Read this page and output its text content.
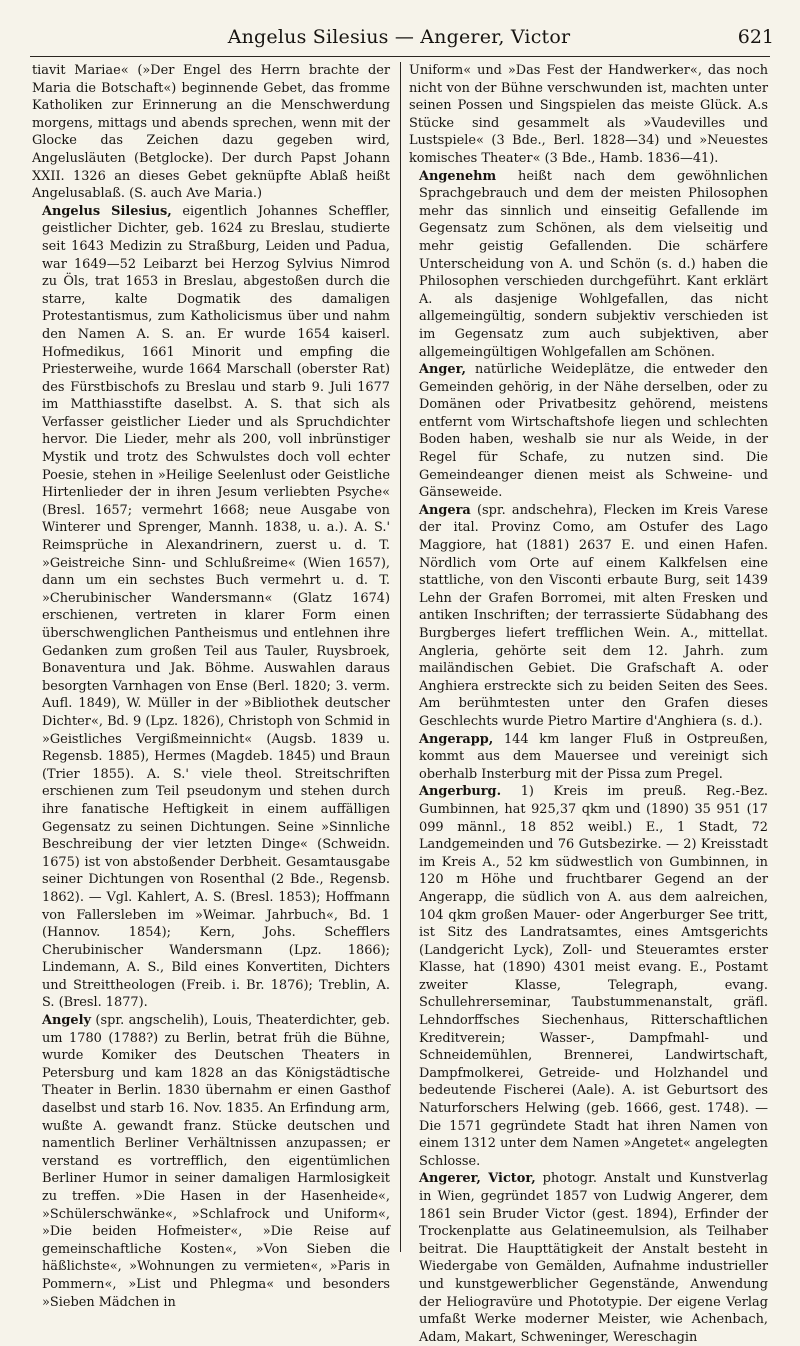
Angelus Silesius — Angerer, Victor	621

tiavit Mariae« (»Der Engel des Herrn brachte der Maria die Botschaft«) beginnende Gebet, das fromme Katholiken zur Erinnerung an die Menschwerdung morgens, mittags und abends sprechen, wenn mit der Glocke das Zeichen dazu gegeben wird, Angelusläuten (Betglocke). Der durch Papst Johann XXII. 1326 an dieses Gebet geknüpfte Ablaß heißt Angelusablaß. (S. auch Ave Maria.)

Angelus Silesius, eigentlich Johannes Scheffler, geistlicher Dichter, geb. 1624 zu Breslau, studierte seit 1643 Medizin zu Straßburg, Leiden und Padua, war 1649—52 Leibarzt bei Herzog Sylvius Nimrod zu Öls, trat 1653 in Breslau, abgestoßen durch die starre, kalte Dogmatik des damaligen Protestantismus, zum Katholicismus über und nahm den Namen A. S. an. Er wurde 1654 kaiserl. Hofmedikus, 1661 Minorit und empfing die Priesterweihe, wurde 1664 Marschall (oberster Rat) des Fürstbischofs zu Breslau und starb 9. Juli 1677 im Matthiasstifte daselbst. A. S. that sich als Verfasser geistlicher Lieder und als Spruchdichter hervor. Die Lieder, mehr als 200, voll inbrünstiger Mystik und trotz des Schwulstes doch voll echter Poesie, stehen in »Heilige Seelenlust oder Geistliche Hirtenlieder der in ihren Jesum verliebten Psyche« (Bresl. 1657; vermehrt 1668; neue Ausgabe von Winterer und Sprenger, Mannh. 1838, u. a.). A. S.' Reimsprüche in Alexandrinern, zuerst u. d. T. »Geistreiche Sinn- und Schlußreime« (Wien 1657), dann um ein sechstes Buch vermehrt u. d. T. »Cherubinischer Wandersmann« (Glatz 1674) erschienen, vertreten in klarer Form einen überschwenglichen Pantheismus und entlehnen ihre Gedanken zum großen Teil aus Tauler, Ruysbroek, Bonaventura und Jak. Böhme. Auswahlen daraus besorgten Varnhagen von Ense (Berl. 1820; 3. verm. Aufl. 1849), W. Müller in der »Bibliothek deutscher Dichter«, Bd. 9 (Lpz. 1826), Christoph von Schmid in »Geistliches Vergißmeinnicht« (Augsb. 1839 u. Regensb. 1885), Hermes (Magdeb. 1845) und Braun (Trier 1855). A. S.' viele theol. Streitschriften erschienen zum Teil pseudonym und stehen durch ihre fanatische Heftigkeit in einem auffälligen Gegensatz zu seinen Dichtungen. Seine »Sinnliche Beschreibung der vier letzten Dinge« (Schweidn. 1675) ist von abstoßender Derbheit. Gesamtausgabe seiner Dichtungen von Rosenthal (2 Bde., Regensb. 1862). — Vgl. Kahlert, A. S. (Bresl. 1853); Hoffmann von Fallersleben im »Weimar. Jahrbuch«, Bd. 1 (Hannov. 1854); Kern, Johs. Schefflers Cherubinischer Wandersmann (Lpz. 1866); Lindemann, A. S., Bild eines Konvertiten, Dichters und Streittheologen (Freib. i. Br. 1876); Treblin, A. S. (Bresl. 1877).

Angely (spr. angschelih), Louis, Theaterdichter, geb. um 1780 (1788?) zu Berlin, betrat früh die Bühne, wurde Komiker des Deutschen Theaters in Petersburg und kam 1828 an das Königstädtische Theater in Berlin. 1830 übernahm er einen Gasthof daselbst und starb 16. Nov. 1835. An Erfindung arm, wußte A. gewandt franz. Stücke deutschen und namentlich Berliner Verhältnissen anzupassen; er verstand es vortrefflich, den eigentümlichen Berliner Humor in seiner damaligen Harmlosigkeit zu treffen. »Die Hasen in der Hasenheide«, »Schülerschwänke«, »Schlafrock und Uniform«, »Die beiden Hofmeister«, »Die Reise auf gemeinschaftliche Kosten«, »Von Sieben die häßlichste«, »Wohnungen zu vermieten«, »Paris in Pommern«, »List und Phlegma« und besonders »Sieben Mädchen in

Uniform« und »Das Fest der Handwerker«, das noch nicht von der Bühne verschwunden ist, machten unter seinen Possen und Singspielen das meiste Glück. A.s Stücke sind gesammelt als »Vaudevilles und Lustspiele« (3 Bde., Berl. 1828—34) und »Neuestes komisches Theater« (3 Bde., Hamb. 1836—41).

Angenehm heißt nach dem gewöhnlichen Sprachgebrauch und dem der meisten Philosophen mehr das sinnlich und einseitig Gefallende im Gegensatz zum Schönen, als dem vielseitig und mehr geistig Gefallenden. Die schärfere Unterscheidung von A. und Schön (s. d.) haben die Philosophen verschieden durchgeführt. Kant erklärt A. als dasjenige Wohlgefallen, das nicht allgemeingültig, sondern subjektiv verschieden ist im Gegensatz zum auch subjektiven, aber allgemeingültigen Wohlgefallen am Schönen.

Anger, natürliche Weideplätze, die entweder den Gemeinden gehörig, in der Nähe derselben, oder zu Domänen oder Privatbesitz gehörend, meistens entfernt vom Wirtschaftshofe liegen und schlechten Boden haben, weshalb sie nur als Weide, in der Regel für Schafe, zu nutzen sind. Die Gemeindeanger dienen meist als Schweine- und Gänseweide.

Angera (spr. andschehra), Flecken im Kreis Varese der ital. Provinz Como, am Ostufer des Lago Maggiore, hat (1881) 2637 E. und einen Hafen. Nördlich vom Orte auf einem Kalkfelsen eine stattliche, von den Visconti erbaute Burg, seit 1439 Lehn der Grafen Borromei, mit alten Fresken und antiken Inschriften; der terrassierte Südabhang des Burgberges liefert trefflichen Wein. A., mittellat. Angleria, gehörte seit dem 12. Jahrh. zum mailändischen Gebiet. Die Grafschaft A. oder Anghiera erstreckte sich zu beiden Seiten des Sees. Am berühmtesten unter den Grafen dieses Geschlechts wurde Pietro Martire d'Anghiera (s. d.).

Angerapp, 144 km langer Fluß in Ostpreußen, kommt aus dem Mauersee und vereinigt sich oberhalb Insterburg mit der Pissa zum Pregel.

Angerburg. 1) Kreis im preuß. Reg.-Bez. Gumbinnen, hat 925,37 qkm und (1890) 35 951 (17 099 männl., 18 852 weibl.) E., 1 Stadt, 72 Landgemeinden und 76 Gutsbezirke. — 2) Kreisstadt im Kreis A., 52 km südwestlich von Gumbinnen, in 120 m Höhe und fruchtbarer Gegend an der Angerapp, die südlich von A. aus dem aalreichen, 104 qkm großen Mauer- oder Angerburger See tritt, ist Sitz des Landratsamtes, eines Amtsgerichts (Landgericht Lyck), Zoll- und Steueramtes erster Klasse, hat (1890) 4301 meist evang. E., Postamt zweiter Klasse, Telegraph, evang. Schullehrerseminar, Taubstummenanstalt, gräfl. Lehndorffsches Siechenhaus, Ritterschaftlichen Kreditverein; Wasser-, Dampfmahl- und Schneidemühlen, Brennerei, Landwirtschaft, Dampfmolkerei, Getreide- und Holzhandel und bedeutende Fischerei (Aale). A. ist Geburtsort des Naturforschers Helwing (geb. 1666, gest. 1748). — Die 1571 gegründete Stadt hat ihren Namen von einem 1312 unter dem Namen »Angetet« angelegten Schlosse.

Angerer, Victor, photogr. Anstalt und Kunstverlag in Wien, gegründet 1857 von Ludwig Angerer, dem 1861 sein Bruder Victor (gest. 1894), Erfinder der Trockenplatte aus Gelatineemulsion, als Teilhaber beitrat. Die Haupttätigkeit der Anstalt besteht in Wiedergabe von Gemälden, Aufnahme industrieller und kunstgewerblicher Gegenstände, Anwendung der Heliogravüre und Phototypie. Der eigene Verlag umfaßt Werke moderner Meister, wie Achenbach, Adam, Makart, Schweninger, Wereschagin
